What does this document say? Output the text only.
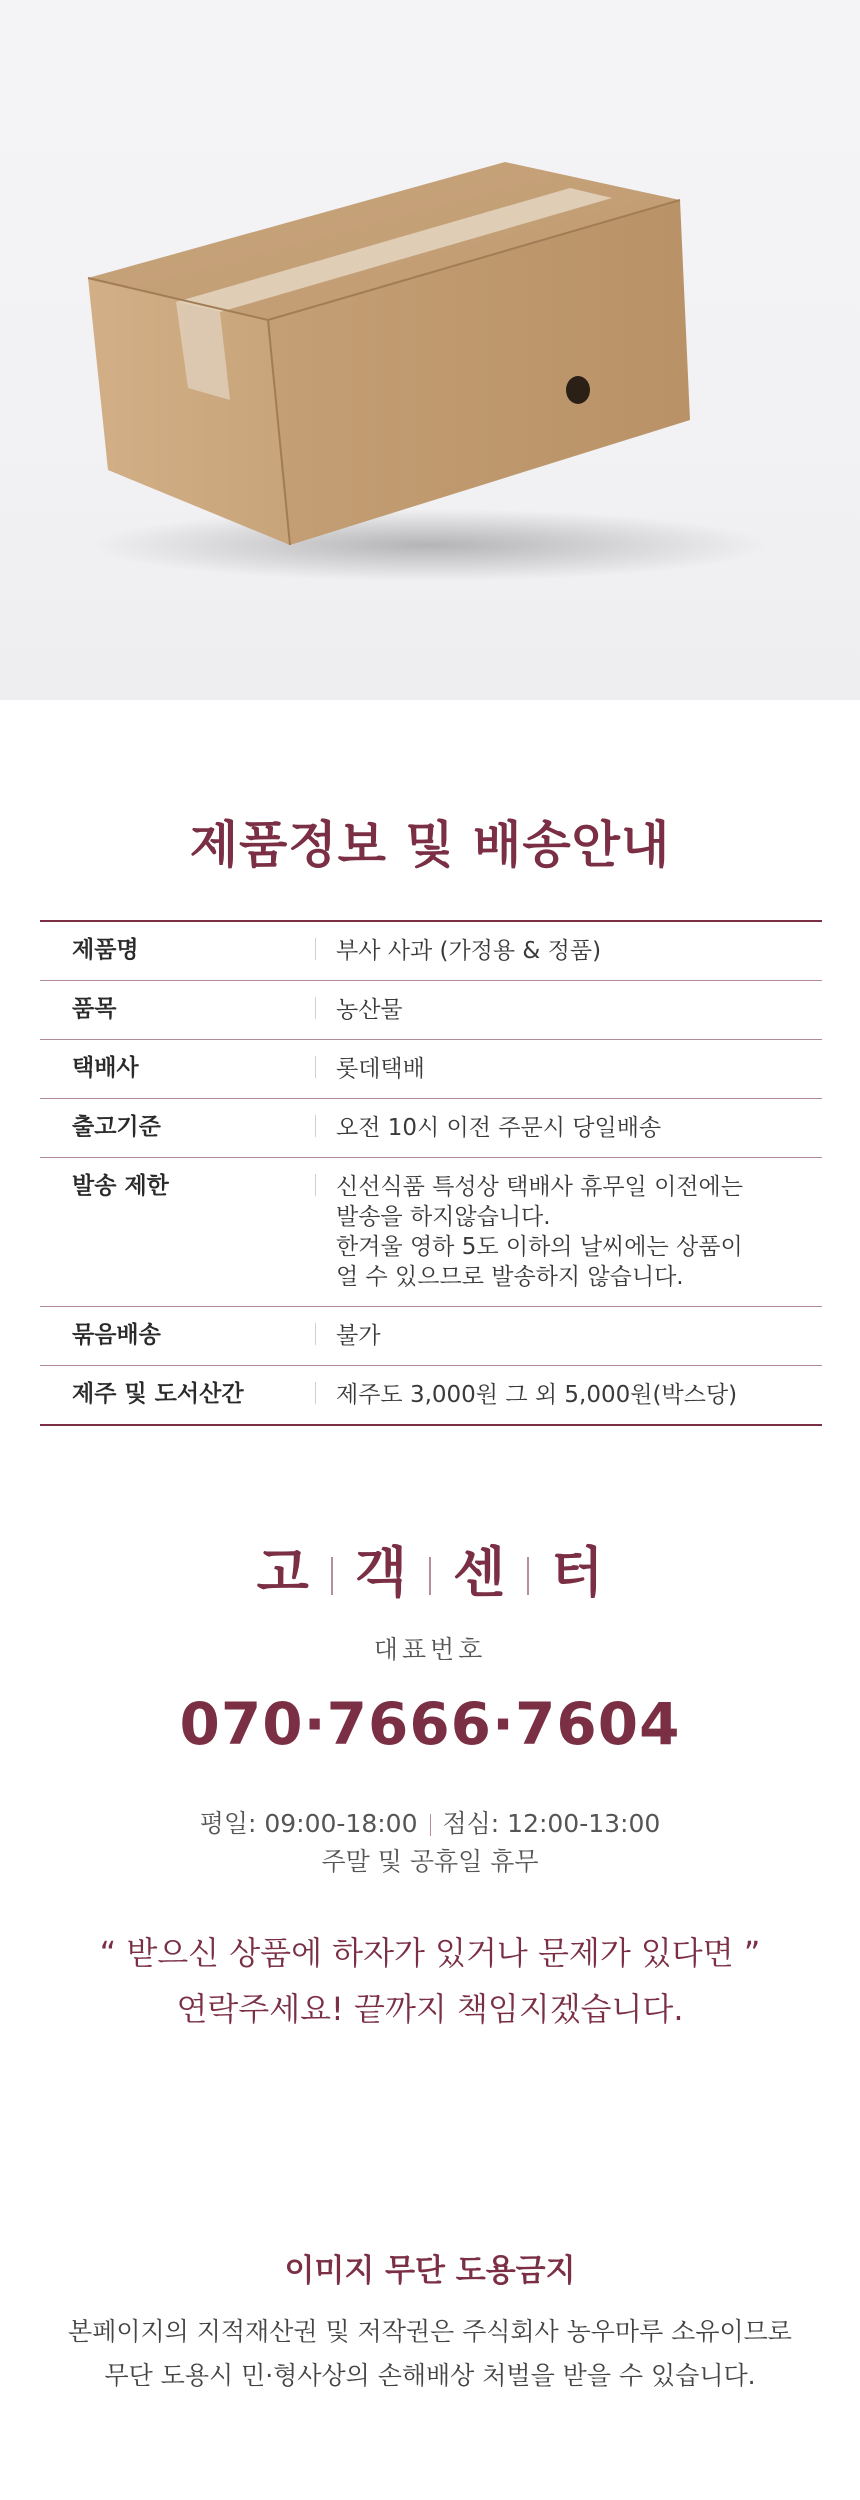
제품정보 및 배송안내
제품명	부사 사과 (가정용 & 정품)
품목	농산물
택배사	롯데택배
출고기준	오전 10시 이전 주문시 당일배송
발송 제한	신선식품 특성상 택배사 휴무일 이전에는
발송을 하지않습니다.
한겨울 영하 5도 이하의 날씨에는 상품이
얼 수 있으므로 발송하지 않습니다.
묶음배송	불가
제주 및 도서산간	제주도 3,000원 그 외 5,000원(박스당)
고 객 센 터
대표번호
070·7666·7604
평일: 09:00-18:00 점심: 12:00-13:00
주말 및 공휴일 휴무
“ 받으신 상품에 하자가 있거나 문제가 있다면 ”
연락주세요! 끝까지 책임지겠습니다.
이미지 무단 도용금지
본페이지의 지적재산권 및 저작권은 주식회사 농우마루 소유이므로
무단 도용시 민·형사상의 손해배상 처벌을 받을 수 있습니다.
